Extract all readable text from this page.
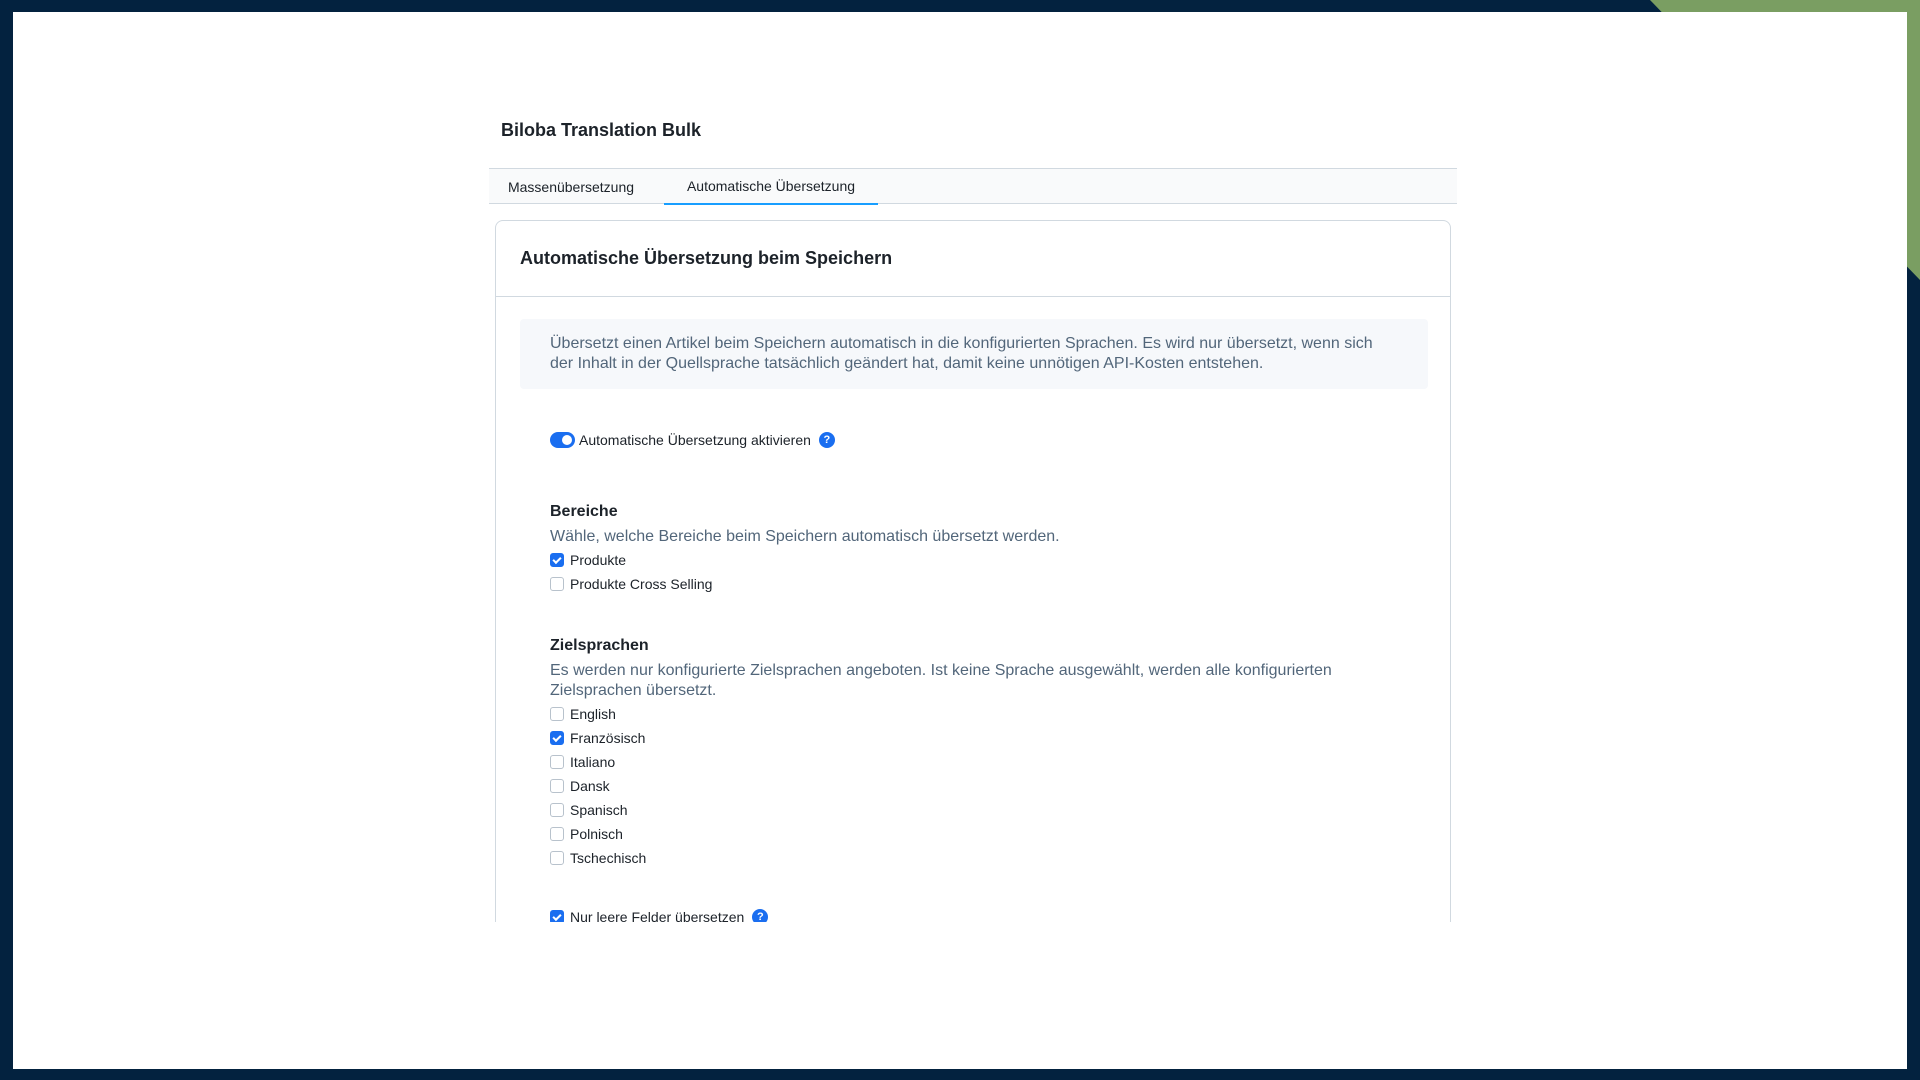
Biloba Translation Bulk
Massenübersetzung	Automatische Übersetzung
Automatische Übersetzung beim Speichern
Übersetzt einen Artikel beim Speichern automatisch in die konfigurierten Sprachen. Es wird nur übersetzt, wenn sich der Inhalt in der Quellsprache tatsächlich geändert hat, damit keine unnötigen API-Kosten entstehen.
Automatische Übersetzung aktivieren	?
Bereiche
Wähle, welche Bereiche beim Speichern automatisch übersetzt werden.
Produkte
Produkte Cross Selling
Zielsprachen
Es werden nur konfigurierte Zielsprachen angeboten. Ist keine Sprache ausgewählt, werden alle konfigurierten Zielsprachen übersetzt.
English
Französisch
Italiano
Dansk
Spanisch
Polnisch
Tschechisch
Nur leere Felder übersetzen	?
